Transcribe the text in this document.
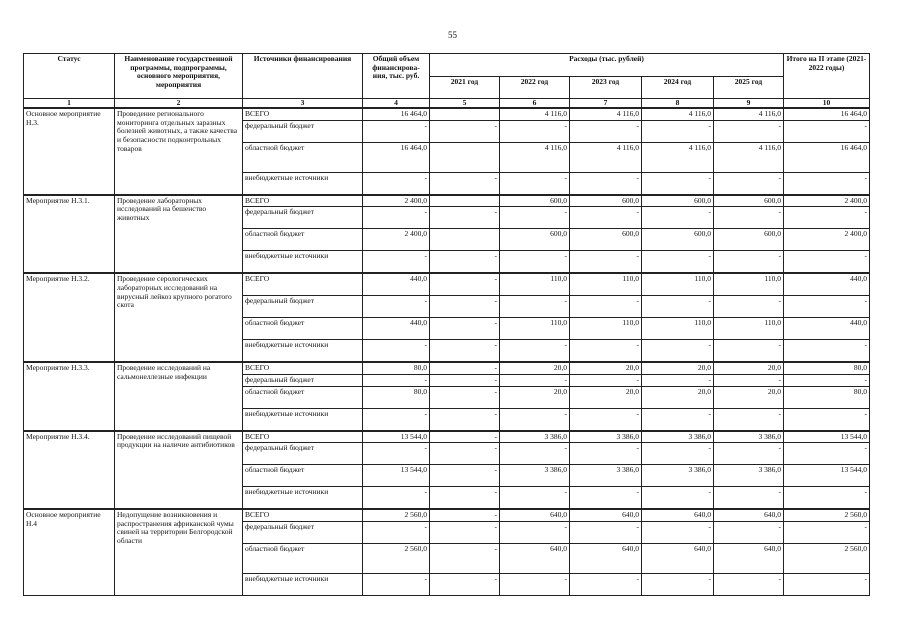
55
Статус	Наименование государственной программы, подпрограммы, основного мероприятия, мероприятия	Источники финансирования	Общий объем финансирова-ния, тыс. руб.	Расходы (тыс. рублей)					Итого на II этапе (2021-2022 годы)
				2021 год	2022 год	2023 год	2024 год	2025 год	
1	2	3	4	5	6	7	8	9	10
Основное мероприятие Н.3.	Проведение регионального мониторинга отдельных заразных болезней животных, а также качества и безопасности подконтрольных товаров	ВСЕГО	16 464,0		4 116,0	4 116,0	4 116,0	4 116,0	16 464,0
		федеральный бюджет	-	-	-	-	-	-	-
		областной бюджет	16 464,0		4 116,0	4 116,0	4 116,0	4 116,0	16 464,0
		внебюджетные источники	-	-	-	-	-	-	-
Мероприятие Н.3.1.	Проведение лабораторных исследований на бешенство животных	ВСЕГО	2 400,0		600,0	600,0	600,0	600,0	2 400,0
		федеральный бюджет	-	-	-	-	-	-	-
		областной бюджет	2 400,0		600,0	600,0	600,0	600,0	2 400,0
		внебюджетные источники	-	-	-	-	-	-	-
Мероприятие Н.3.2.	Проведение серологических лабораторных исследований на вирусный лейкоз крупного рогатого скота	ВСЕГО	440,0	-	110,0	110,0	110,0	110,0	440,0
		федеральный бюджет	-	-	-	-	-	-	-
		областной бюджет	440,0	-	110,0	110,0	110,0	110,0	440,0
		внебюджетные источники	-	-	-	-	-	-	-
Мероприятие Н.3.3.	Проведение исследований на сальмонеллезные инфекции	ВСЕГО	80,0	-	20,0	20,0	20,0	20,0	80,0
		федеральный бюджет	-	-	-	-	-	-	-
		областной бюджет	80,0	-	20,0	20,0	20,0	20,0	80,0
		внебюджетные источники	-	-	-	-	-	-	-
Мероприятие Н.3.4.	Проведение исследований пищевой продукции на наличие антибиотиков	ВСЕГО	13 544,0	-	3 386,0	3 386,0	3 386,0	3 386,0	13 544,0
		федеральный бюджет	-	-	-	-	-	-	-
		областной бюджет	13 544,0	-	3 386,0	3 386,0	3 386,0	3 386,0	13 544,0
		внебюджетные источники	-	-	-	-	-	-	-
Основное мероприятие Н.4	Недопущение возникновения и распространения африканской чумы свиней на территории Белгородской области	ВСЕГО	2 560,0	-	640,0	640,0	640,0	640,0	2 560,0
		федеральный бюджет	-	-	-	-	-	-	-
		областной бюджет	2 560,0	-	640,0	640,0	640,0	640,0	2 560,0
		внебюджетные источники	-	-	-	-	-	-	-
